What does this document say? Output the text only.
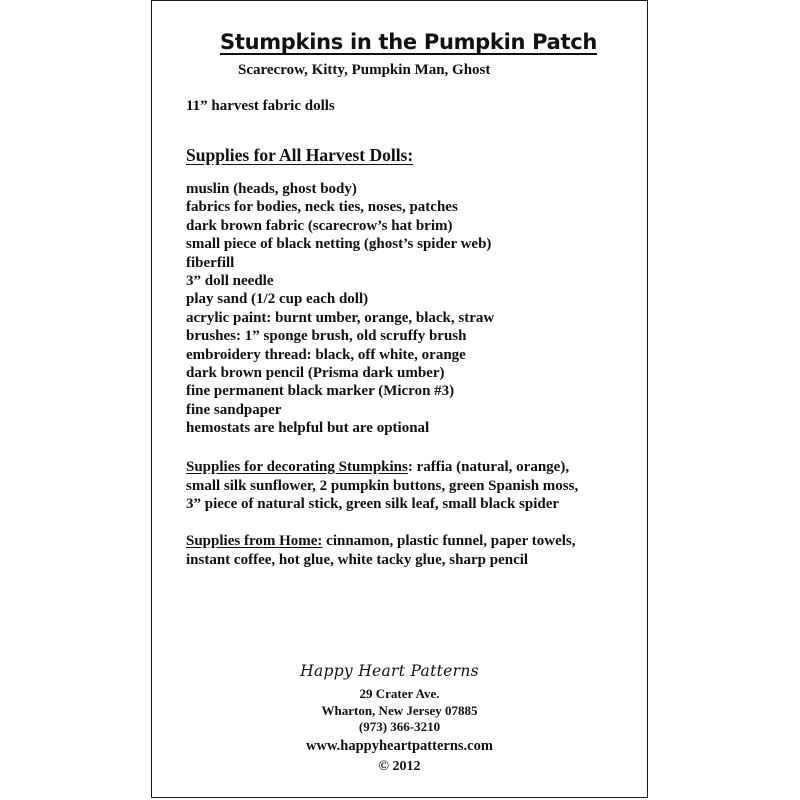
Stumpkins in the Pumpkin Patch
Scarecrow, Kitty, Pumpkin Man, Ghost
11” harvest fabric dolls
Supplies for All Harvest Dolls:
muslin (heads, ghost body)
fabrics for bodies, neck ties, noses, patches
dark brown fabric (scarecrow’s hat brim)
small piece of black netting (ghost’s spider web)
fiberfill
3” doll needle
play sand (1/2 cup each doll)
acrylic paint: burnt umber, orange, black, straw
brushes: 1” sponge brush, old scruffy brush
embroidery thread: black, off white, orange
dark brown pencil (Prisma dark umber)
fine permanent black marker (Micron #3)
fine sandpaper
hemostats are helpful but are optional
Supplies for decorating Stumpkins: raffia (natural, orange),
small silk sunflower, 2 pumpkin buttons, green Spanish moss,
3” piece of natural stick, green silk leaf, small black spider
Supplies from Home: cinnamon, plastic funnel, paper towels,
instant coffee, hot glue, white tacky glue, sharp pencil
Happy Heart Patterns
29 Crater Ave.
Wharton, New Jersey 07885
(973) 366-3210
www.happyheartpatterns.com
© 2012
